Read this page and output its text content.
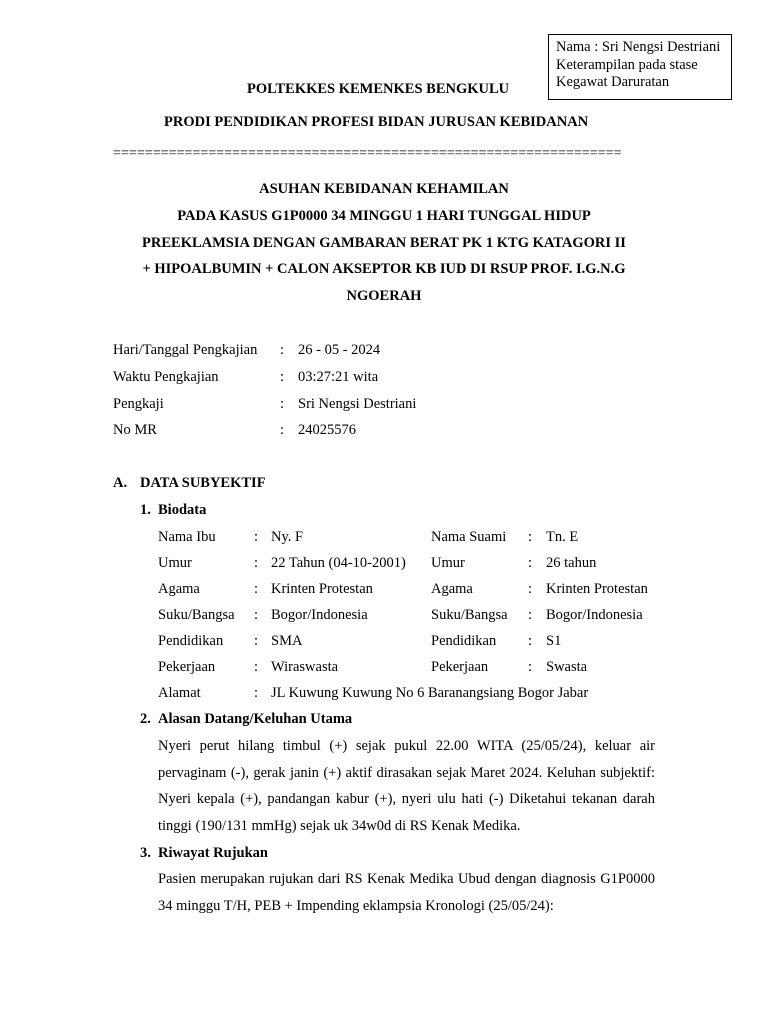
Nama : Sri Nengsi Destriani
Keterampilan pada stase
Kegawat Daruratan
POLTEKKES KEMENKES BENGKULU
PRODI PENDIDIKAN PROFESI BIDAN JURUSAN KEBIDANAN
================================================================
ASUHAN KEBIDANAN KEHAMILAN
PADA KASUS G1P0000 34 MINGGU 1 HARI TUNGGAL HIDUP
PREEKLAMSIA DENGAN GAMBARAN BERAT PK 1 KTG KATAGORI II
+ HIPOALBUMIN + CALON AKSEPTOR KB IUD DI RSUP PROF. I.G.N.G
NGOERAH
Hari/Tanggal Pengkajian : 26 - 05 - 2024
Waktu Pengkajian	: 03:27:21 wita
Pengkaji	: Sri Nengsi Destriani
No MR	: 24025576
A. DATA SUBYEKTIF
1. Biodata
Nama Ibu	: Ny. F	Nama Suami : Tn. E
Umur	: 22 Tahun (04-10-2001) Umur	: 26 tahun
Agama	: Krinten Protestan	Agama	: Krinten Protestan
Suku/Bangsa : Bogor/Indonesia	Suku/Bangsa : Bogor/Indonesia
Pendidikan : SMA	Pendidikan : S1
Pekerjaan	: Wiraswasta	Pekerjaan	: Swasta
Alamat	: JL Kuwung Kuwung No 6 Baranangsiang Bogor Jabar
2. Alasan Datang/Keluhan Utama
Nyeri perut hilang timbul (+) sejak pukul 22.00 WITA (25/05/24), keluar air pervaginam (-), gerak janin (+) aktif dirasakan sejak Maret 2024. Keluhan subjektif: Nyeri kepala (+), pandangan kabur (+), nyeri ulu hati (-) Diketahui tekanan darah tinggi (190/131 mmHg) sejak uk 34w0d di RS Kenak Medika.
3. Riwayat Rujukan
Pasien merupakan rujukan dari RS Kenak Medika Ubud dengan diagnosis G1P0000 34 minggu T/H, PEB + Impending eklampsia Kronologi (25/05/24):
